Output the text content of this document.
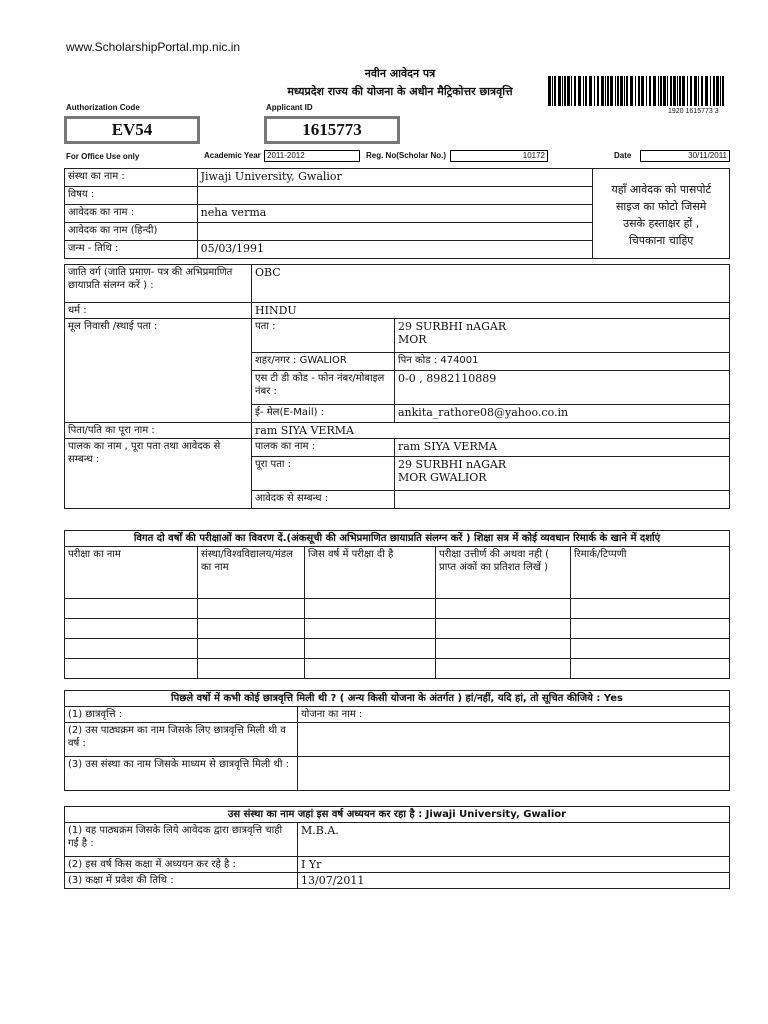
www.ScholarshipPortal.mp.nic.in
नवीन आवेदन पत्र
मध्यप्रदेश राज्य की योजना के अधीन मैट्रिकोत्तर छात्रवृत्ति
1920 1615773 3
Authorization Code	Applicant ID
EV54	1615773
For Office Use only	Academic Year 2011-2012	Reg. No(Scholar No.)	10172	Date	30/11/2011
संस्था का नाम :	Jiwaji University, Gwalior	यहाँ आवेदक को पासपोर्ट
साइज का फोटो जिसमे
उसके हस्ताक्षर हों ,
चिपकाना चाहिए

विषय :		
आवेदक का नाम :	neha verma	
आवेदक का नाम (हिन्दी)		
जन्म - तिथि :	05/03/1991	
जाति वर्ग (जाति प्रमाण- पत्र की अभिप्रमाणित छायाप्रति संलग्न करें ) :	OBC	
धर्म :	HINDU	
मूल निवासी /स्थाई पता :	पता :	29 SURBHI nAGAR
MOR

	शहर/नगर : GWALIOR	पिन कोड : 474001
	एस टी डी कोड - फोन नंबर/मोबाइल नंबर :	0-0 , 8982110889
	ई- मेल(E-Mail) :	ankita_rathore08@yahoo.co.in
पिता/पति का पूरा नाम :	ram SIYA VERMA	
पालक का नाम , पूरा पता तथा आवेदक से सम्बन्ध :	पालक का नाम :	ram SIYA VERMA
	पूरा पता :	29 SURBHI nAGAR
MOR GWALIOR

	आवेदक से सम्बन्ध :	
विगत दो वर्षों की परीक्षाओं का विवरण दें.(अंकसूची की अभिप्रमाणित छायाप्रति संलग्न करें ) शिक्षा सत्र में कोई व्यवधान रिमार्क के खाने में दर्शाएं				
परीक्षा का नाम	संस्था/विश्वविद्यालय/मंडल का नाम	जिस वर्ष में परीक्षा दी है	परीक्षा उत्तीर्ण की अथवा नही ( प्राप्त अंकों का प्रतिशत लिखें )	रिमार्क/टिप्पणी

पिछले वर्षो में कभी कोई छात्रवृत्ति मिली थी ? ( अन्य किसी योजना के अंतर्गत ) हां/नहीं, यदि हां, तो सूचित कीजिये : Yes	
(1) छात्रवृत्ति :	योजना का नाम :
(2) उस पाठ्यक्रम का नाम जिसके लिए छात्रवृत्ति मिली थी व वर्ष :	
(3) उस संस्था का नाम जिसके माध्यम से छात्रवृत्ति मिली थी :	
उस संस्था का नाम जहां इस वर्ष अध्ययन कर रहा है : Jiwaji University, Gwalior	
(1) वह पाठ्यक्रम जिसके लिये आवेदक द्वारा छात्रवृत्ति चाही गई है :	M.B.A.
(2) इस वर्ष किस कक्षा में अध्ययन कर रहे है :	I Yr
(3) कक्षा में प्रवेश की तिथि :	13/07/2011
